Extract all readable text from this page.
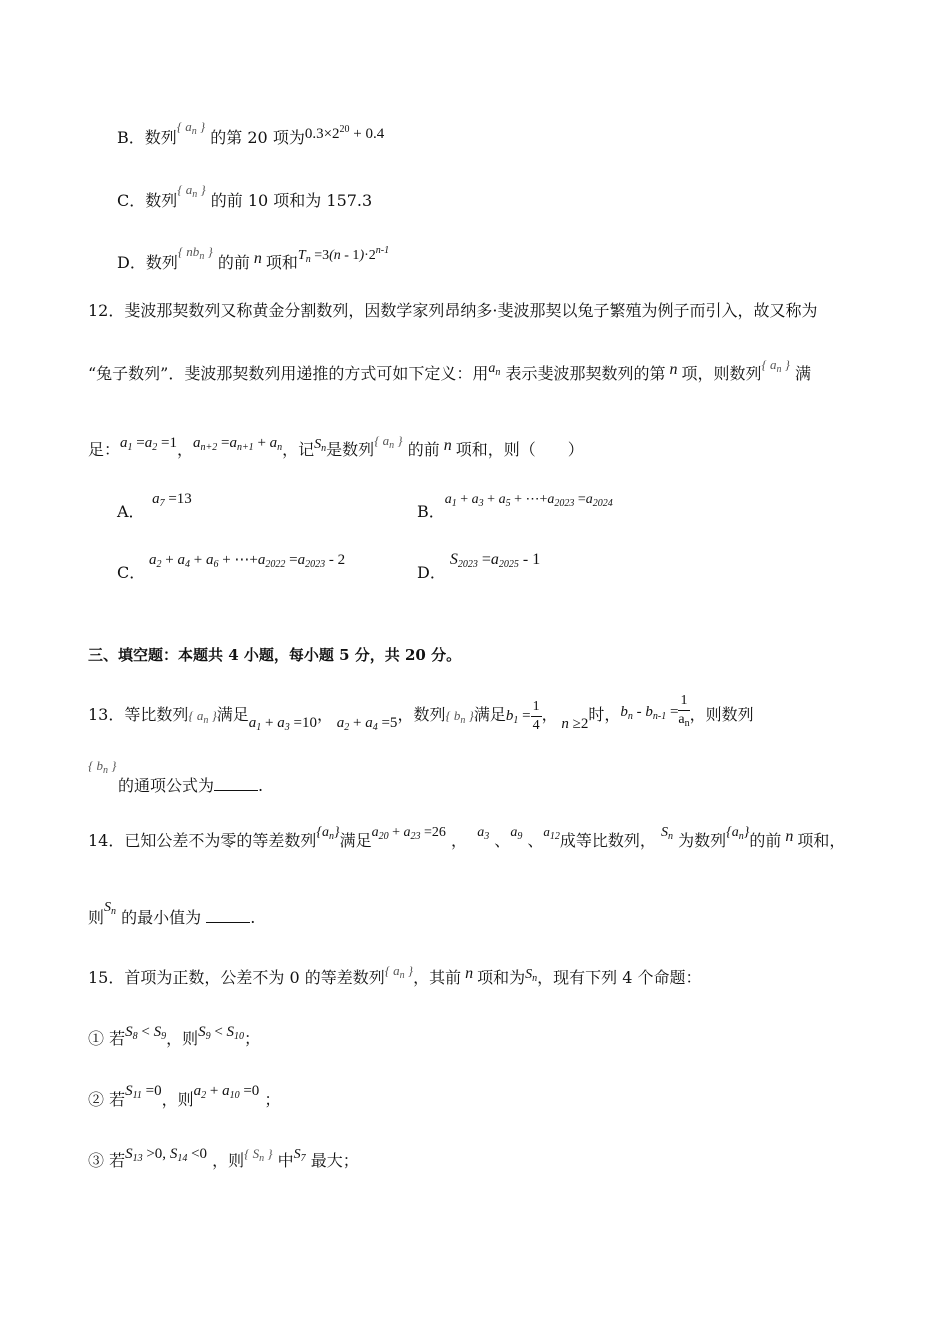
B．数列$^{\{ a_n \}}$ 的第 20 项为$0.3\times 2^{20} + 0.4$
C．数列$^{\{ a_n \}}$ 的前 10 项和为 157.3
D．数列$^{\{ nb_n \}}$ 的前 n 项和$T_n =3(n - 1)\cdot 2^{n-1}$
12．斐波那契数列又称黄金分割数列，因数学家列昂纳多·斐波那契以兔子繁殖为例子而引入，故又称为
“兔子数列”．斐波那契数列用递推的方式可如下定义：用$a_n$ 表示斐波那契数列的第 n 项，则数列$^{\{ a_n \}}$ 满
足：$a_1 =a_2 =1$，$a_{n+2} =a_{n+1} + a_n$，记$S_n$是数列$^{\{ a_n \}}$ 的前 n 项和，则（　　）
A．  $a_7 =13$
B．$a_1 + a_3 + a_5$ + $\cdots+a_{2023} =a_{2024}$
C． $a_2 + a_4 + a_6$ + $\cdots+a_{2022} =a_{2023} - 2$
D． $S_{2023} =a_{2025} - 1$
三、填空题：本题共 4 小题，每小题 5 分，共 20 分。
13．等比数列{ $a_n$ }满足$a_1 + a_3 =10$， $a_2 + a_4 =5$，数列{ $b_n$ }满足$b_1 = \frac{1}{4}$ ， n ≥2时，$b_n - b_{n-1} = \frac{1}{a_n}$ ，则数列
$^{\{ b_n \}}$
的通项公式为	.
14．已知公差不为零的等差数列$\{a_n\}$满足$a_{20} + a_{23} =26$ ， $a_3$ 、$a_9$ 、$^{a_{12}}$成等比数列， $S_n$ 为数列$\{a_n\}$的前 n 项和，
则$S_n$ 的最小值为	.
15．首项为正数，公差不为 0 的等差数列$^{\{ a_n \}}$，其前 n 项和为$S_n$，现有下列 4 个命题：
① 若$S_8 < S_9$，则$S_9 < S_{10}$；
② 若$S_{11} =0$，则$a_2 + a_{10} =0$ ；
③ 若$S_{13} >0$, $S_{14} <0$ ，则$^{\{ S_n \}}$ 中$S_7$ 最大；
